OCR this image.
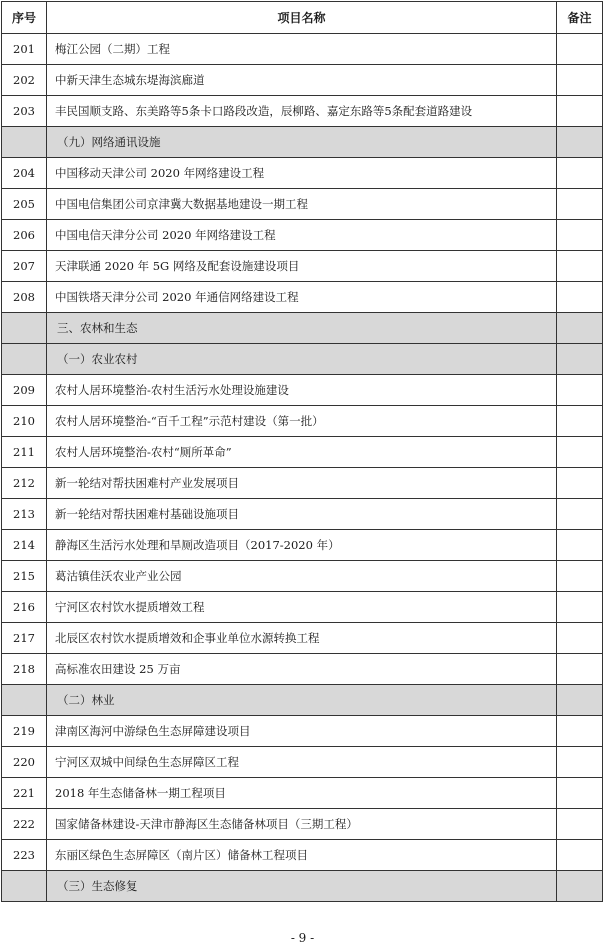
序号	项目名称	备注
201	梅江公园（二期）工程	
202	中新天津生态城东堤海滨廊道	
203	丰民国顺支路、东美路等5条卡口路段改造，辰柳路、嘉定东路等5条配套道路建设	
	（九）网络通讯设施	
204	中国移动天津公司 2020 年网络建设工程	
205	中国电信集团公司京津冀大数据基地建设一期工程	
206	中国电信天津分公司 2020 年网络建设工程	
207	天津联通 2020 年 5G 网络及配套设施建设项目	
208	中国铁塔天津分公司 2020 年通信网络建设工程	
	三、农林和生态	
	（一）农业农村	
209	农村人居环境整治-农村生活污水处理设施建设	
210	农村人居环境整治-“百千工程”示范村建设（第一批）	
211	农村人居环境整治-农村“厕所革命”	
212	新一轮结对帮扶困难村产业发展项目	
213	新一轮结对帮扶困难村基础设施项目	
214	静海区生活污水处理和旱厕改造项目（2017-2020 年）	
215	葛沽镇佳沃农业产业公园	
216	宁河区农村饮水提质增效工程	
217	北辰区农村饮水提质增效和企事业单位水源转换工程	
218	高标准农田建设 25 万亩	
	（二）林业	
219	津南区海河中游绿色生态屏障建设项目	
220	宁河区双城中间绿色生态屏障区工程	
221	2018 年生态储备林一期工程项目	
222	国家储备林建设-天津市静海区生态储备林项目（三期工程）	
223	东丽区绿色生态屏障区（南片区）储备林工程项目	
	（三）生态修复	
- 9 -
